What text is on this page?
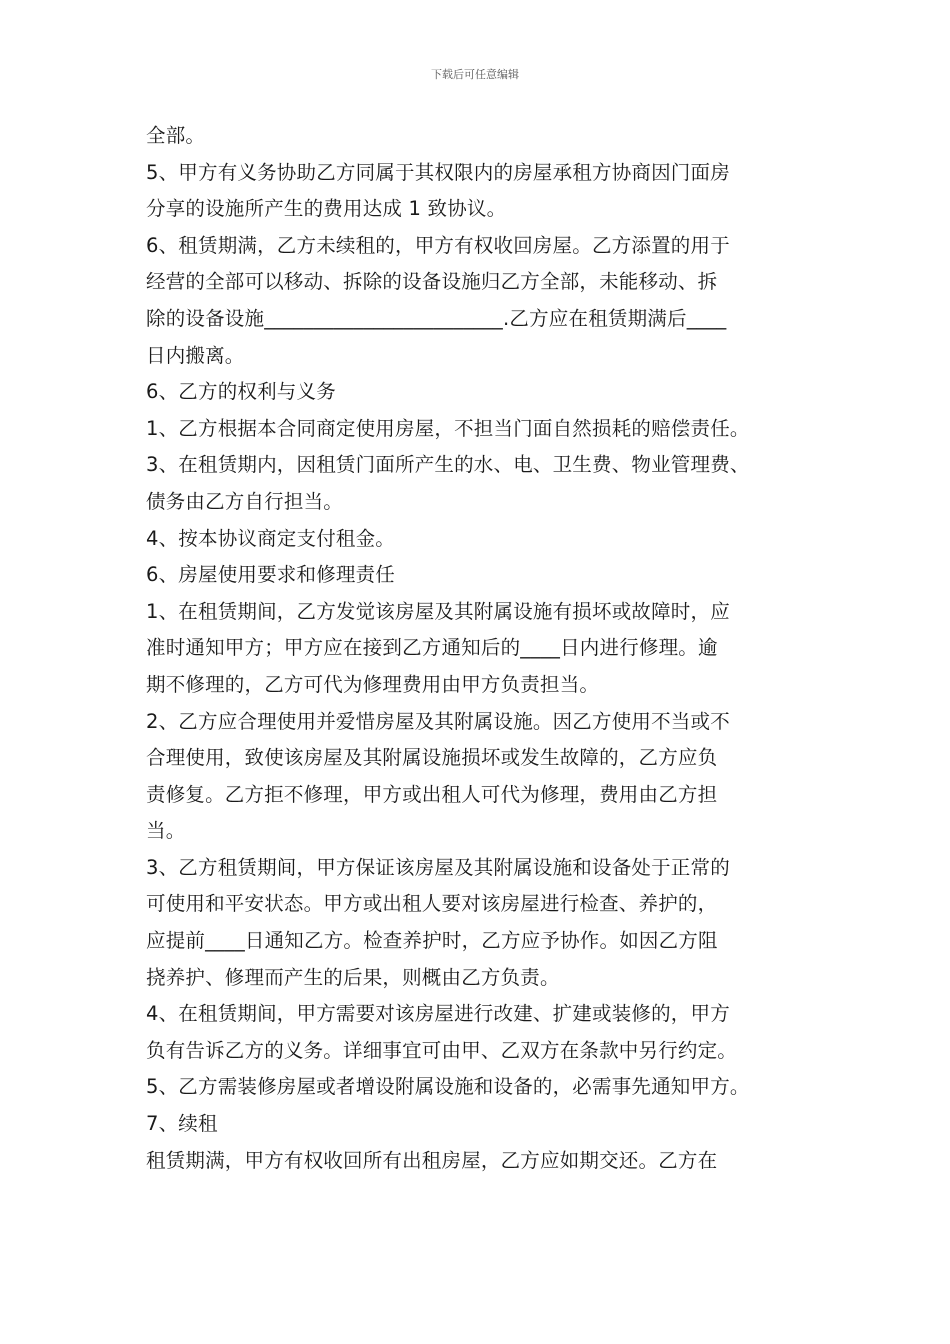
下载后可任意编辑
全部。
5、甲方有义务协助乙方同属于其权限内的房屋承租方协商因门面房
分享的设施所产生的费用达成 1 致协议。
6、租赁期满，乙方未续租的，甲方有权收回房屋。乙方添置的用于
经营的全部可以移动、拆除的设备设施归乙方全部，未能移动、拆
除的设备设施________________________.乙方应在租赁期满后____
日内搬离。
6、乙方的权利与义务
1、乙方根据本合同商定使用房屋，不担当门面自然损耗的赔偿责任。
3、在租赁期内，因租赁门面所产生的水、电、卫生费、物业管理费、
债务由乙方自行担当。
4、按本协议商定支付租金。
6、房屋使用要求和修理责任
1、在租赁期间，乙方发觉该房屋及其附属设施有损坏或故障时，应
准时通知甲方；甲方应在接到乙方通知后的____日内进行修理。逾
期不修理的，乙方可代为修理费用由甲方负责担当。
2、乙方应合理使用并爱惜房屋及其附属设施。因乙方使用不当或不
合理使用，致使该房屋及其附属设施损坏或发生故障的，乙方应负
责修复。乙方拒不修理，甲方或出租人可代为修理，费用由乙方担
当。
3、乙方租赁期间，甲方保证该房屋及其附属设施和设备处于正常的
可使用和平安状态。甲方或出租人要对该房屋进行检查、养护的，
应提前____日通知乙方。检查养护时，乙方应予协作。如因乙方阻
挠养护、修理而产生的后果，则概由乙方负责。
4、在租赁期间，甲方需要对该房屋进行改建、扩建或装修的，甲方
负有告诉乙方的义务。详细事宜可由甲、乙双方在条款中另行约定。
5、乙方需装修房屋或者增设附属设施和设备的，必需事先通知甲方。
7、续租
租赁期满，甲方有权收回所有出租房屋，乙方应如期交还。乙方在
